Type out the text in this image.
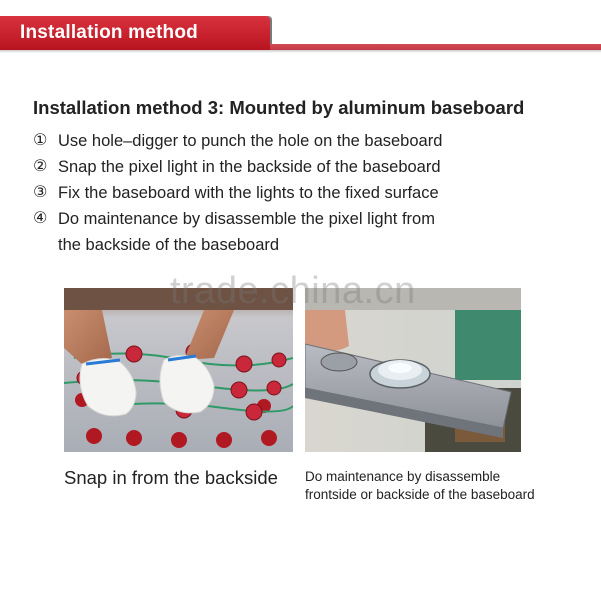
Installation method
Installation method 3: Mounted by aluminum baseboard
① Use hole–digger to punch the hole on the baseboard
② Snap the pixel light in the backside of the baseboard
③ Fix the baseboard with the lights to the fixed surface
④ Do maintenance by disassemble the pixel light from
the backside of the baseboard
trade.china.cn
Snap in from the backside Do maintenance by disassemble
frontside or backside of the baseboard
